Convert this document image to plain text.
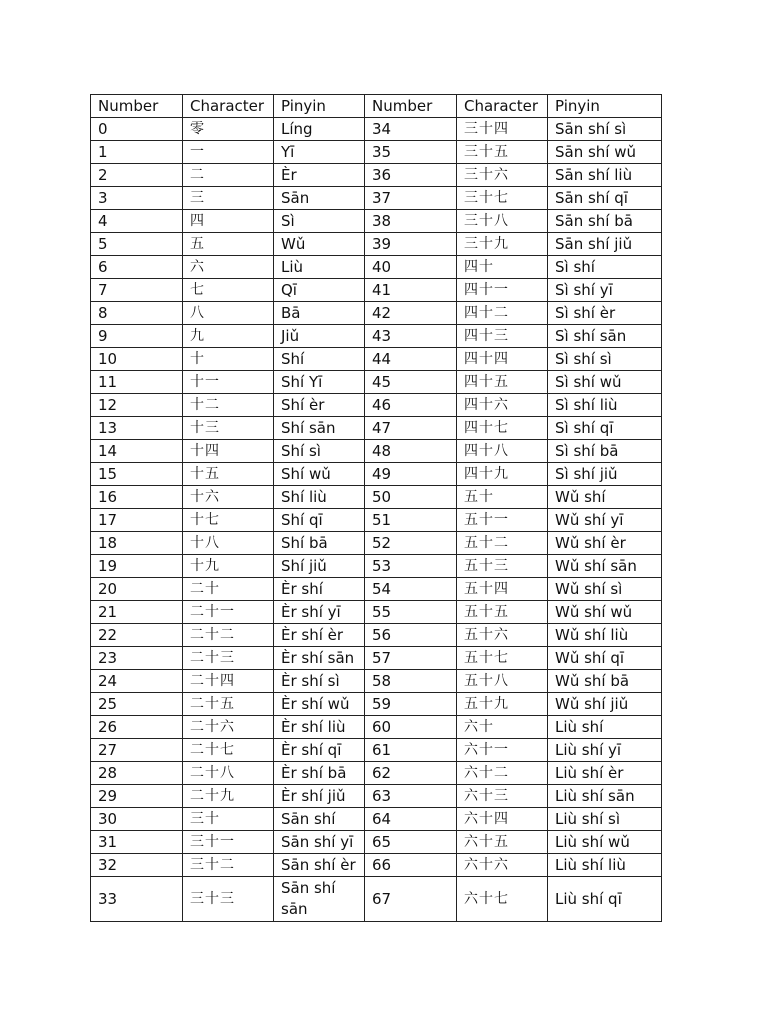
Number	Character	Pinyin	Number	Character	Pinyin
0	零	Líng	34	三十四	Sān shí sì
1	一	Yī	35	三十五	Sān shí wǔ
2	二	Èr	36	三十六	Sān shí liù
3	三	Sān	37	三十七	Sān shí qī
4	四	Sì	38	三十八	Sān shí bā
5	五	Wǔ	39	三十九	Sān shí jiǔ
6	六	Liù	40	四十	Sì shí
7	七	Qī	41	四十一	Sì shí yī
8	八	Bā	42	四十二	Sì shí èr
9	九	Jiǔ	43	四十三	Sì shí sān
10	十	Shí	44	四十四	Sì shí sì
11	十一	Shí Yī	45	四十五	Sì shí wǔ
12	十二	Shí èr	46	四十六	Sì shí liù
13	十三	Shí sān	47	四十七	Sì shí qī
14	十四	Shí sì	48	四十八	Sì shí bā
15	十五	Shí wǔ	49	四十九	Sì shí jiǔ
16	十六	Shí liù	50	五十	Wǔ shí
17	十七	Shí qī	51	五十一	Wǔ shí yī
18	十八	Shí bā	52	五十二	Wǔ shí èr
19	十九	Shí jiǔ	53	五十三	Wǔ shí sān
20	二十	Èr shí	54	五十四	Wǔ shí sì
21	二十一	Èr shí yī	55	五十五	Wǔ shí wǔ
22	二十二	Èr shí èr	56	五十六	Wǔ shí liù
23	二十三	Èr shí sān	57	五十七	Wǔ shí qī
24	二十四	Èr shí sì	58	五十八	Wǔ shí bā
25	二十五	Èr shí wǔ	59	五十九	Wǔ shí jiǔ
26	二十六	Èr shí liù	60	六十	Liù shí
27	二十七	Èr shí qī	61	六十一	Liù shí yī
28	二十八	Èr shí bā	62	六十二	Liù shí èr
29	二十九	Èr shí jiǔ	63	六十三	Liù shí sān
30	三十	Sān shí	64	六十四	Liù shí sì
31	三十一	Sān shí yī	65	六十五	Liù shí wǔ
32	三十二	Sān shí èr	66	六十六	Liù shí liù
33	三十三	Sān shí sān	67	六十七	Liù shí qī
